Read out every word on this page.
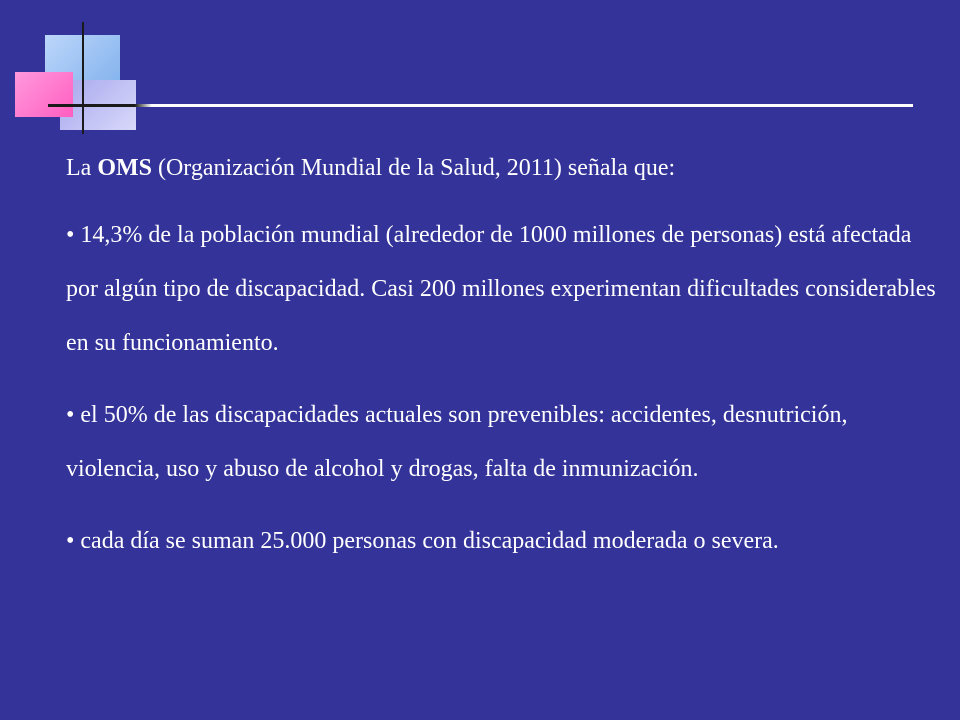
La OMS (Organización Mundial de la Salud, 2011) señala que:

• 14,3% de la población mundial (alrededor de 1000 millones de personas) está afectada por algún tipo de discapacidad. Casi 200 millones experimentan dificultades considerables en su funcionamiento.

• el 50% de las discapacidades actuales son prevenibles: accidentes, desnutrición, violencia, uso y abuso de alcohol y drogas, falta de inmunización.

• cada día se suman 25.000 personas con discapacidad moderada o severa.
